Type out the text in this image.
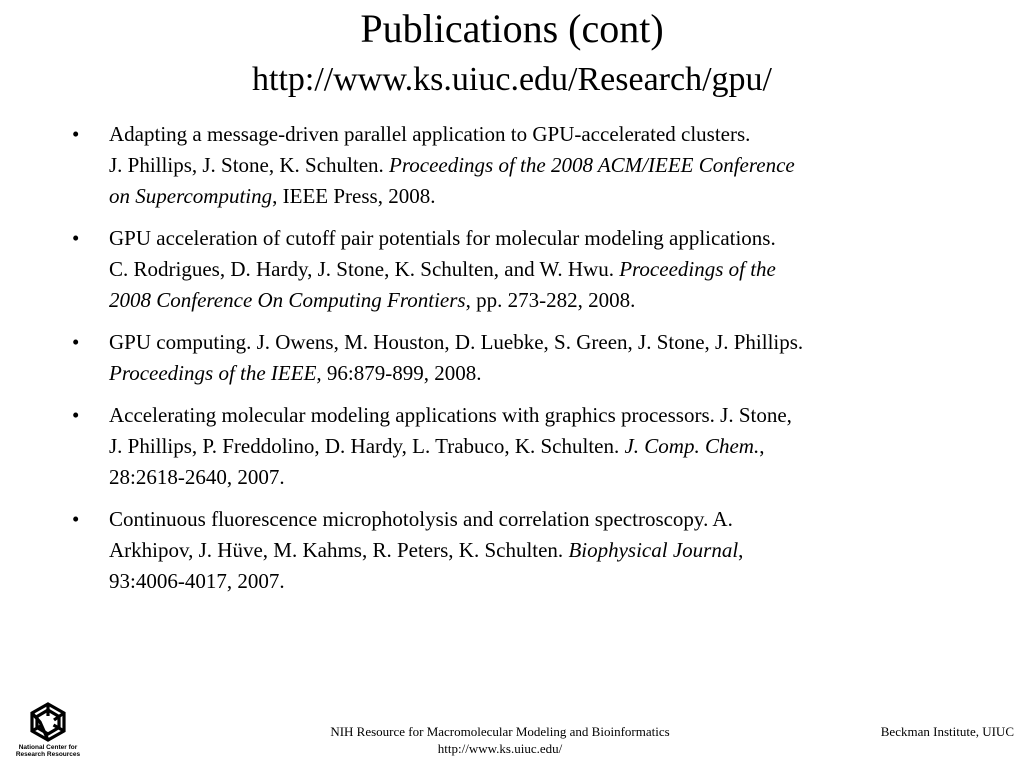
Publications (cont)
http://www.ks.uiuc.edu/Research/gpu/
• Adapting a message-driven parallel application to GPU-accelerated clusters.
J. Phillips, J. Stone, K. Schulten. Proceedings of the 2008 ACM/IEEE Conference
on Supercomputing, IEEE Press, 2008.
• GPU acceleration of cutoff pair potentials for molecular modeling applications.
C. Rodrigues, D. Hardy, J. Stone, K. Schulten, and W. Hwu. Proceedings of the
2008 Conference On Computing Frontiers, pp. 273-282, 2008.
• GPU computing. J. Owens, M. Houston, D. Luebke, S. Green, J. Stone, J. Phillips.
Proceedings of the IEEE, 96:879-899, 2008.
• Accelerating molecular modeling applications with graphics processors. J. Stone,
J. Phillips, P. Freddolino, D. Hardy, L. Trabuco, K. Schulten. J. Comp. Chem.,
28:2618-2640, 2007.
• Continuous fluorescence microphotolysis and correlation spectroscopy. A.
Arkhipov, J. Hüve, M. Kahms, R. Peters, K. Schulten. Biophysical Journal,
93:4006-4017, 2007.
National Center for
Research Resources
NIH Resource for Macromolecular Modeling and Bioinformatics
http://www.ks.uiuc.edu/
Beckman Institute, UIUC
